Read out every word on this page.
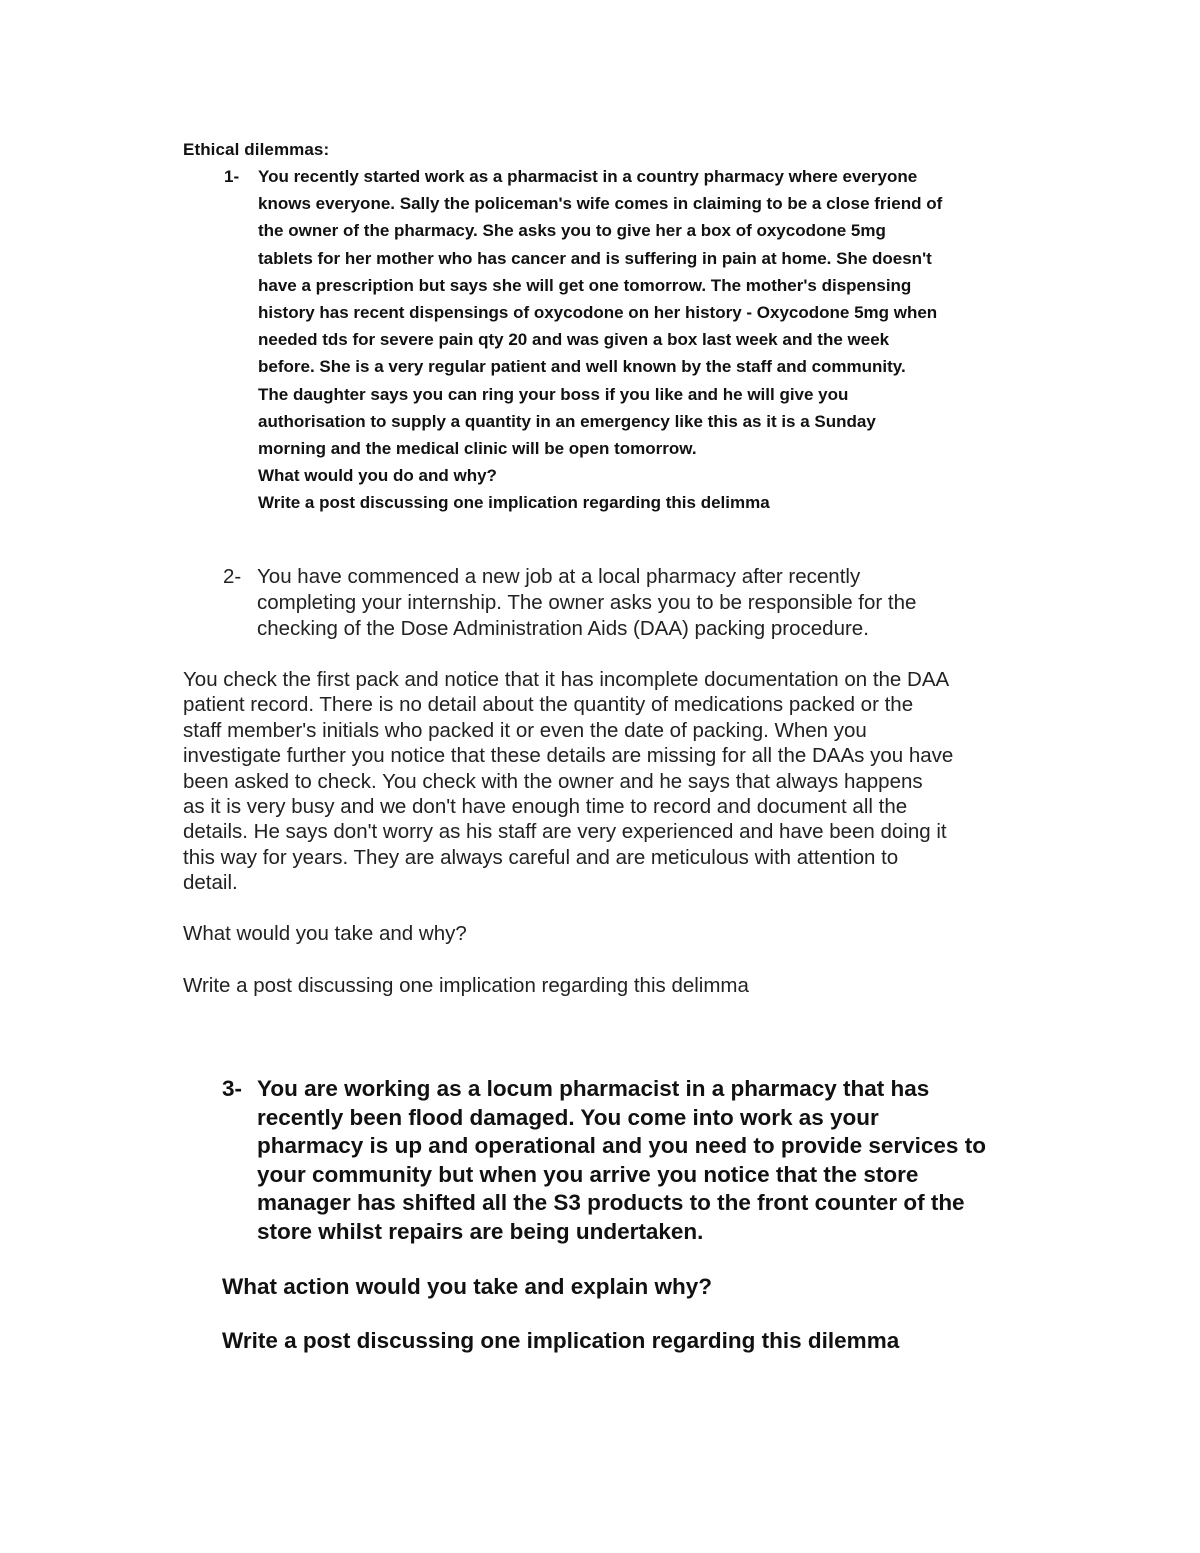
Ethical dilemmas:
1- You recently started work as a pharmacist in a country pharmacy where everyone
knows everyone. Sally the policeman's wife comes in claiming to be a close friend of
the owner of the pharmacy. She asks you to give her a box of oxycodone 5mg
tablets for her mother who has cancer and is suffering in pain at home. She doesn't
have a prescription but says she will get one tomorrow. The mother's dispensing
history has recent dispensings of oxycodone on her history - Oxycodone 5mg when
needed tds for severe pain qty 20 and was given a box last week and the week
before. She is a very regular patient and well known by the staff and community.
The daughter says you can ring your boss if you like and he will give you
authorisation to supply a quantity in an emergency like this as it is a Sunday
morning and the medical clinic will be open tomorrow.
What would you do and why?
Write a post discussing one implication regarding this delimma
2- You have commenced a new job at a local pharmacy after recently
completing your internship. The owner asks you to be responsible for the
checking of the Dose Administration Aids (DAA) packing procedure.
You check the first pack and notice that it has incomplete documentation on the DAA
patient record. There is no detail about the quantity of medications packed or the
staff member's initials who packed it or even the date of packing. When you
investigate further you notice that these details are missing for all the DAAs you have
been asked to check. You check with the owner and he says that always happens
as it is very busy and we don't have enough time to record and document all the
details. He says don't worry as his staff are very experienced and have been doing it
this way for years. They are always careful and are meticulous with attention to
detail.
What would you take and why?
Write a post discussing one implication regarding this delimma
3- You are working as a locum pharmacist in a pharmacy that has
recently been flood damaged. You come into work as your
pharmacy is up and operational and you need to provide services to
your community but when you arrive you notice that the store
manager has shifted all the S3 products to the front counter of the
store whilst repairs are being undertaken.
What action would you take and explain why?
Write a post discussing one implication regarding this dilemma
